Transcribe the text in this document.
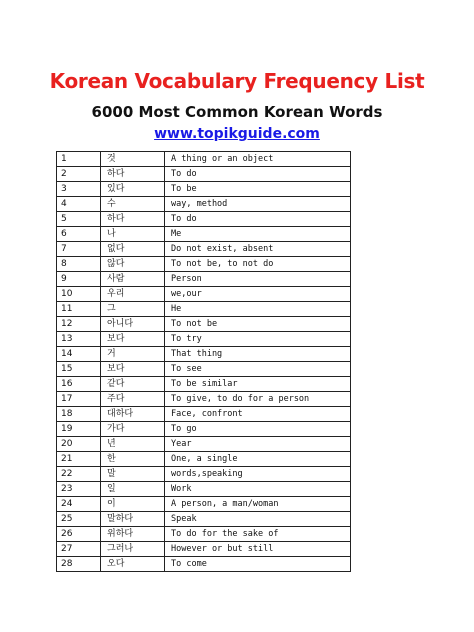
Korean Vocabulary Frequency List
6000 Most Common Korean Words
www.topikguide.com
1	것	A thing or an object
2	하다	To do
3	있다	To be
4	수	way, method
5	하다	To do
6	나	Me
7	없다	Do not exist, absent
8	않다	To not be, to not do
9	사람	Person
10	우리	we,our
11	그	He
12	아니다	To not be
13	보다	To try
14	거	That thing
15	보다	To see
16	같다	To be similar
17	주다	To give, to do for a person
18	대하다	Face, confront
19	가다	To go
20	년	Year
21	한	One, a single
22	말	words,speaking
23	일	Work
24	이	A person, a man/woman
25	말하다	Speak
26	위하다	To do for the sake of
27	그러나	However or but still
28	오다	To come
